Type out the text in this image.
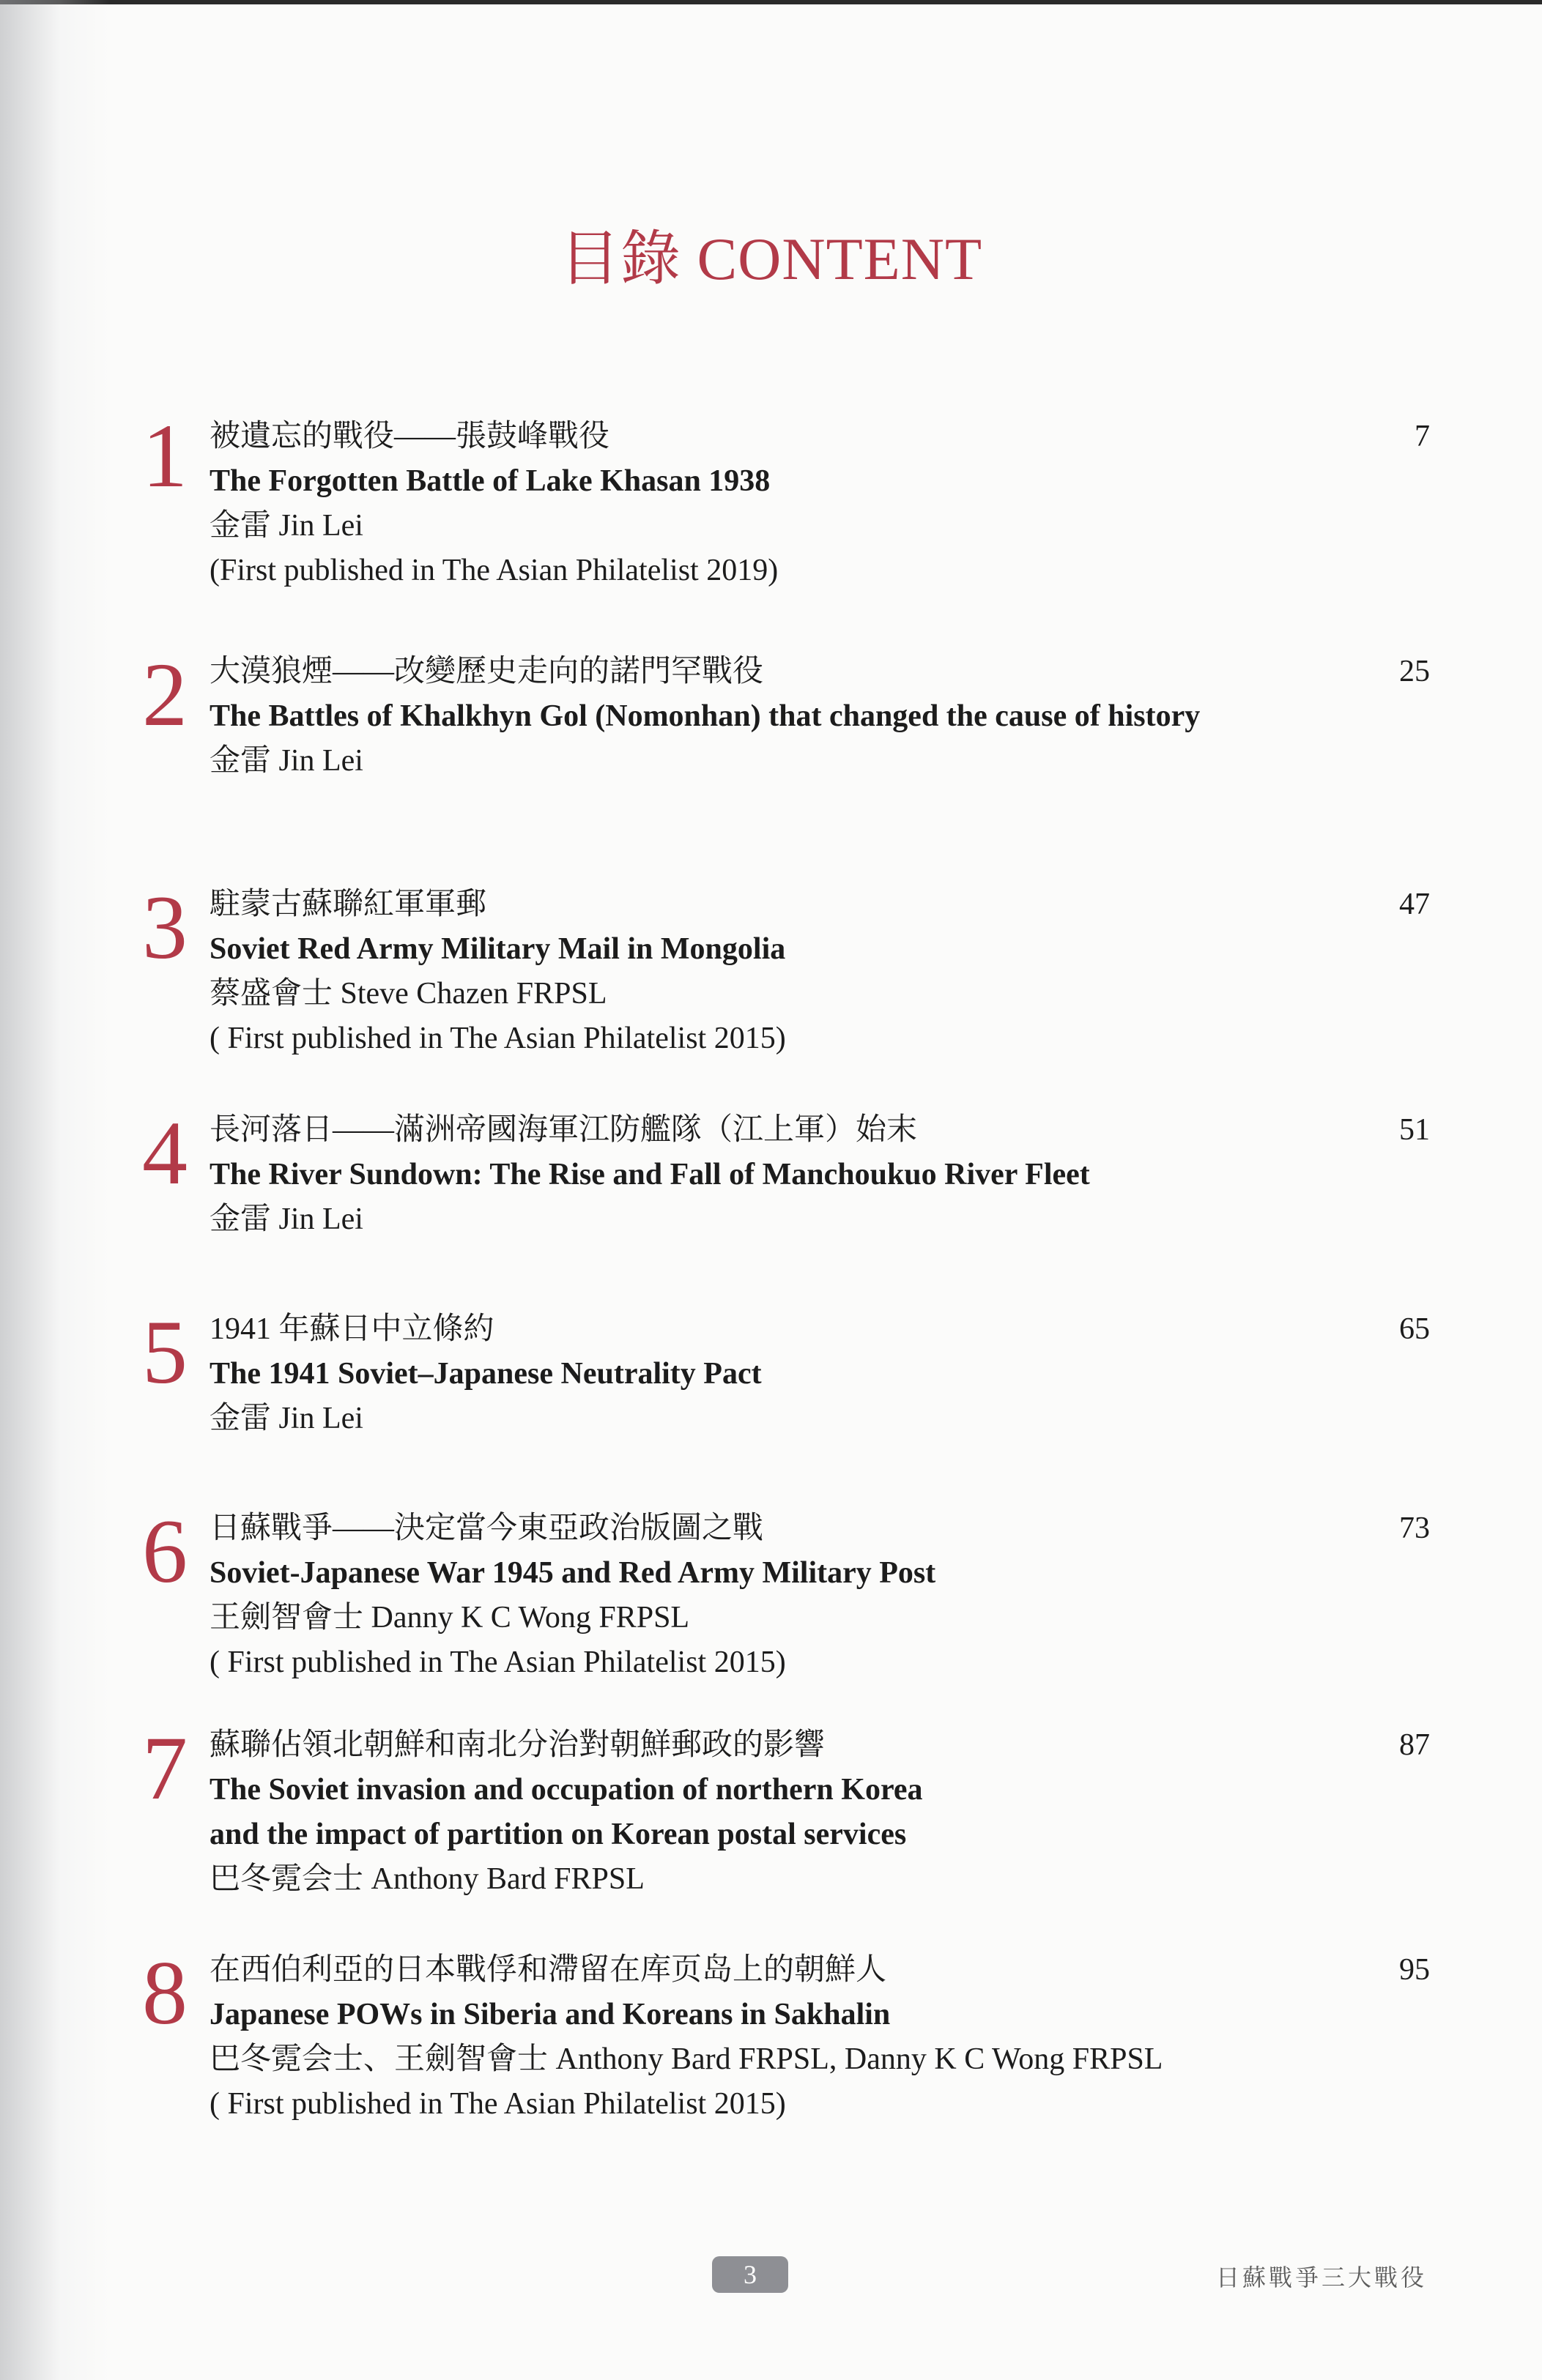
目錄 CONTENT
1 被遺忘的戰役——張鼓峰戰役
The Forgotten Battle of Lake Khasan 1938
金雷 Jin Lei
(First published in The Asian Philatelist 2019)
7
2 大漠狼煙——改變歷史走向的諾門罕戰役
The Battles of Khalkhyn Gol (Nomonhan) that changed the cause of history
金雷 Jin Lei
25
3 駐蒙古蘇聯紅軍軍郵
Soviet Red Army Military Mail in Mongolia
蔡盛會士 Steve Chazen FRPSL
( First published in The Asian Philatelist 2015)
47
4 長河落日——滿洲帝國海軍江防艦隊（江上軍）始末
The River Sundown: The Rise and Fall of Manchoukuo River Fleet
金雷 Jin Lei
51
5 1941 年蘇日中立條約
The 1941 Soviet–Japanese Neutrality Pact
金雷 Jin Lei
65
6 日蘇戰爭——決定當今東亞政治版圖之戰
Soviet-Japanese War 1945 and Red Army Military Post
王劍智會士 Danny K C Wong FRPSL
( First published in The Asian Philatelist 2015)
73
7 蘇聯佔領北朝鮮和南北分治對朝鮮郵政的影響
The Soviet invasion and occupation of northern Korea
and the impact of partition on Korean postal services
巴冬霓会士 Anthony Bard FRPSL
87
8 在西伯利亞的日本戰俘和滯留在库页岛上的朝鮮人
Japanese POWs in Siberia and Koreans in Sakhalin
巴冬霓会士、王劍智會士 Anthony Bard FRPSL, Danny K C Wong FRPSL
( First published in The Asian Philatelist 2015)
95
3	日蘇戰爭三大戰役
